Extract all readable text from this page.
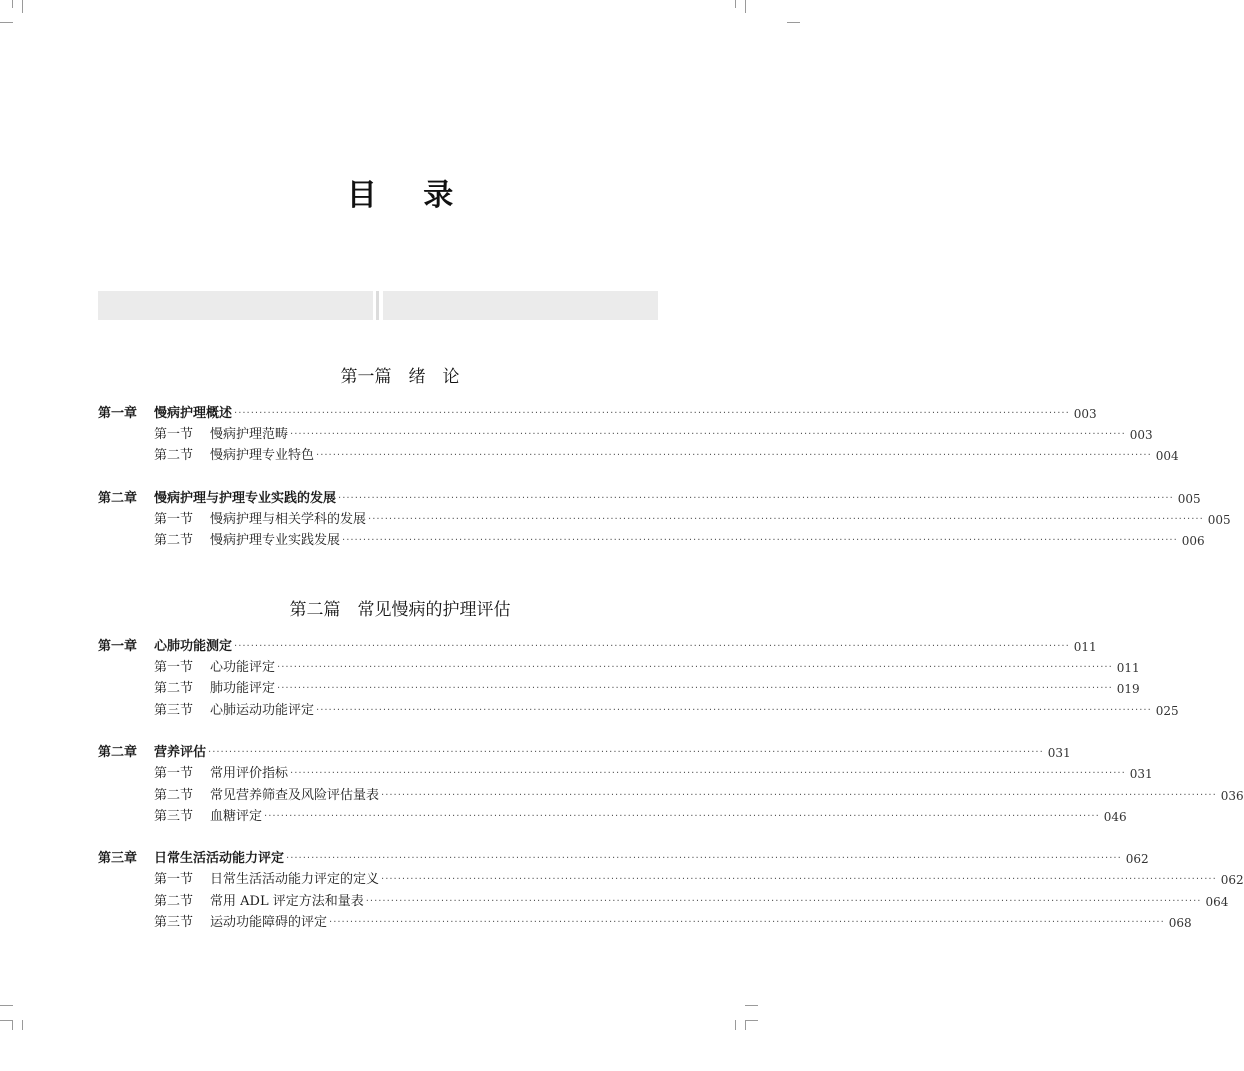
目 录
第一篇　绪　论
第一章	慢病护理概述 ········································································································································································································ 003
第一节	慢病护理范畴 ········································································································································································································ 003
第二节	慢病护理专业特色 ········································································································································································································ 004
第二章	慢病护理与护理专业实践的发展 ········································································································································································································ 005
第一节	慢病护理与相关学科的发展 ········································································································································································································ 005
第二节	慢病护理专业实践发展 ········································································································································································································ 006
第二篇　常见慢病的护理评估
第一章	心肺功能测定 ········································································································································································································ 011
第一节	心功能评定 ········································································································································································································ 011
第二节	肺功能评定 ········································································································································································································ 019
第三节	心肺运动功能评定 ········································································································································································································ 025
第二章	营养评估 ········································································································································································································ 031
第一节	常用评价指标 ········································································································································································································ 031
第二节	常见营养筛查及风险评估量表 ········································································································································································································ 036
第三节	血糖评定 ········································································································································································································ 046
第三章	日常生活活动能力评定 ········································································································································································································ 062
第一节	日常生活活动能力评定的定义 ········································································································································································································ 062
第二节	常用 ADL 评定方法和量表 ········································································································································································································ 064
第三节	运动功能障碍的评定 ········································································································································································································ 068
